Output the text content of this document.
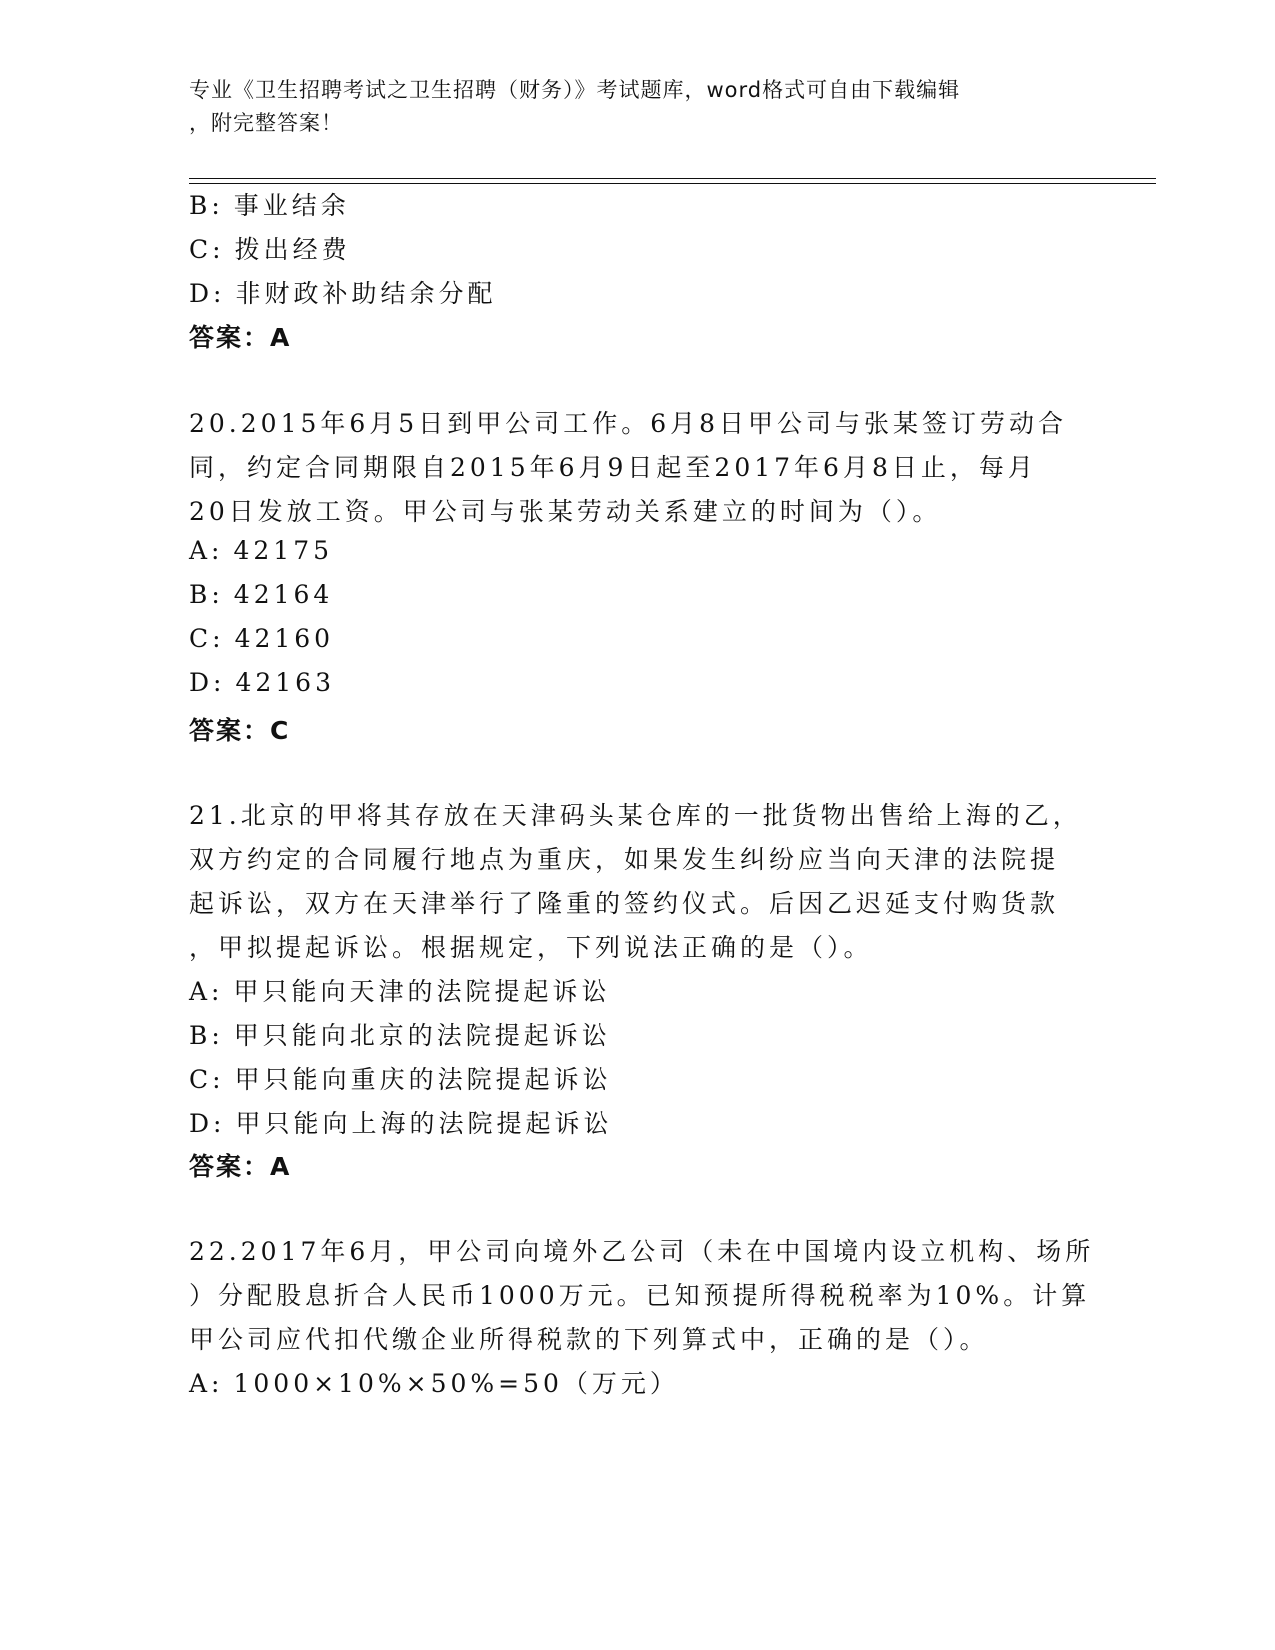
专业《卫生招聘考试之卫生招聘（财务）》考试题库，word格式可自由下载编辑
，附完整答案！
B: 事业结余
C: 拨出经费
D: 非财政补助结余分配
答案：A
20.2015年6月5日到甲公司工作。6月8日甲公司与张某签订劳动合
同，约定合同期限自2015年6月9日起至2017年6月8日止，每月
20日发放工资。甲公司与张某劳动关系建立的时间为（）。
A: 42175
B: 42164
C: 42160
D: 42163
答案：C
21.北京的甲将其存放在天津码头某仓库的一批货物出售给上海的乙，
双方约定的合同履行地点为重庆，如果发生纠纷应当向天津的法院提
起诉讼，双方在天津举行了隆重的签约仪式。后因乙迟延支付购货款
，甲拟提起诉讼。根据规定，下列说法正确的是（）。
A: 甲只能向天津的法院提起诉讼
B: 甲只能向北京的法院提起诉讼
C: 甲只能向重庆的法院提起诉讼
D: 甲只能向上海的法院提起诉讼
答案：A
22.2017年6月，甲公司向境外乙公司（未在中国境内设立机构、场所
）分配股息折合人民币1000万元。已知预提所得税税率为10%。计算
甲公司应代扣代缴企业所得税款的下列算式中，正确的是（）。
A: 1000×10%×50%=50（万元）
